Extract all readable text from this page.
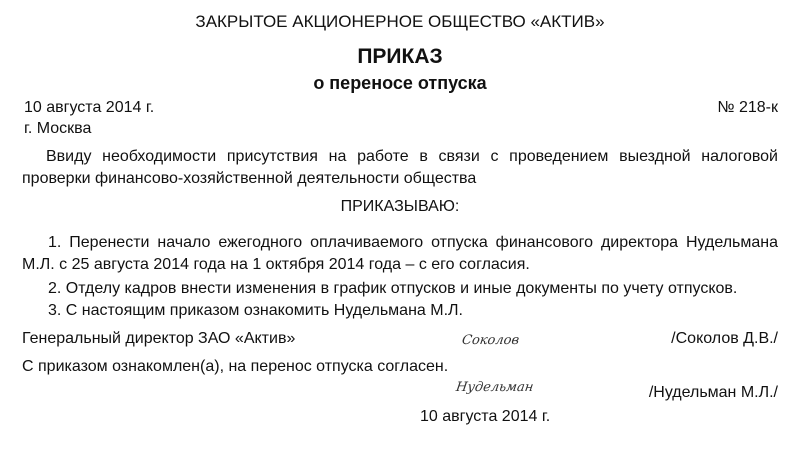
ЗАКРЫТОЕ АКЦИОНЕРНОЕ ОБЩЕСТВО «АКТИВ»
ПРИКАЗ
о переносе отпуска
10 августа 2014 г.	№ 218-к
г. Москва
Ввиду необходимости присутствия на работе в связи с проведением выездной налоговой проверки финансово-хозяйственной деятельности общества
ПРИКАЗЫВАЮ:
1. Перенести начало ежегодного оплачиваемого отпуска финансового директора Нудельмана М.Л. с 25 августа 2014 года на 1 октября 2014 года – с его согласия.
2. Отделу кадров внести изменения в график отпусков и иные документы по учету отпусков.
3. С настоящим приказом ознакомить Нудельмана М.Л.
Генеральный директор ЗАО «Актив»	/Соколов Д.В./
Соколов
С приказом ознакомлен(а), на перенос отпуска согласен.
Нудельман	/Нудельман М.Л./
10 августа 2014 г.
